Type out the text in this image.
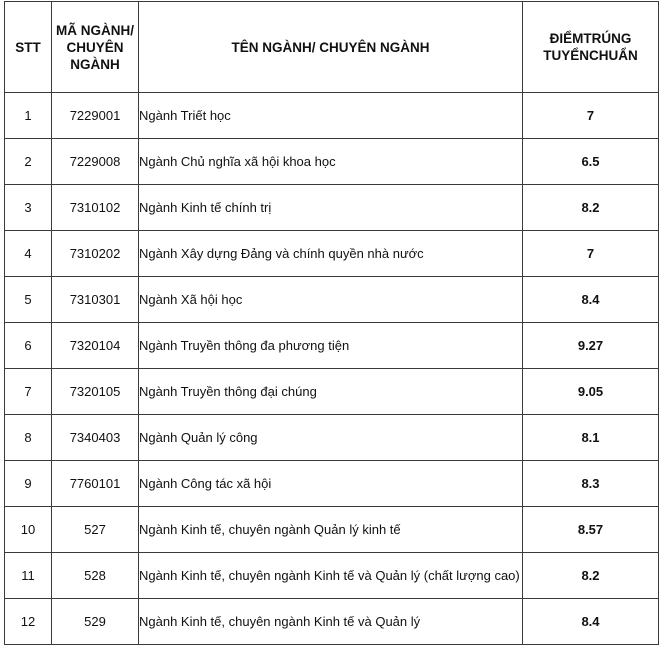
STT	MÃ NGÀNH/ CHUYÊN NGÀNH	TÊN NGÀNH/ CHUYÊN NGÀNH	ĐIỂMTRÚNG TUYỂNCHUẨN
1	7229001	Ngành Triết học	7
2	7229008	Ngành Chủ nghĩa xã hội khoa học	6.5
3	7310102	Ngành Kinh tế chính trị	8.2
4	7310202	Ngành Xây dựng Đảng và chính quyền nhà nước	7
5	7310301	Ngành Xã hội học	8.4
6	7320104	Ngành Truyền thông đa phương tiện	9.27
7	7320105	Ngành Truyền thông đại chúng	9.05
8	7340403	Ngành Quản lý công	8.1
9	7760101	Ngành Công tác xã hội	8.3
10	527	Ngành Kinh tế, chuyên ngành Quản lý kinh tế	8.57
11	528	Ngành Kinh tế, chuyên ngành Kinh tế và Quản lý (chất lượng cao)	8.2
12	529	Ngành Kinh tế, chuyên ngành Kinh tế và Quản lý	8.4
